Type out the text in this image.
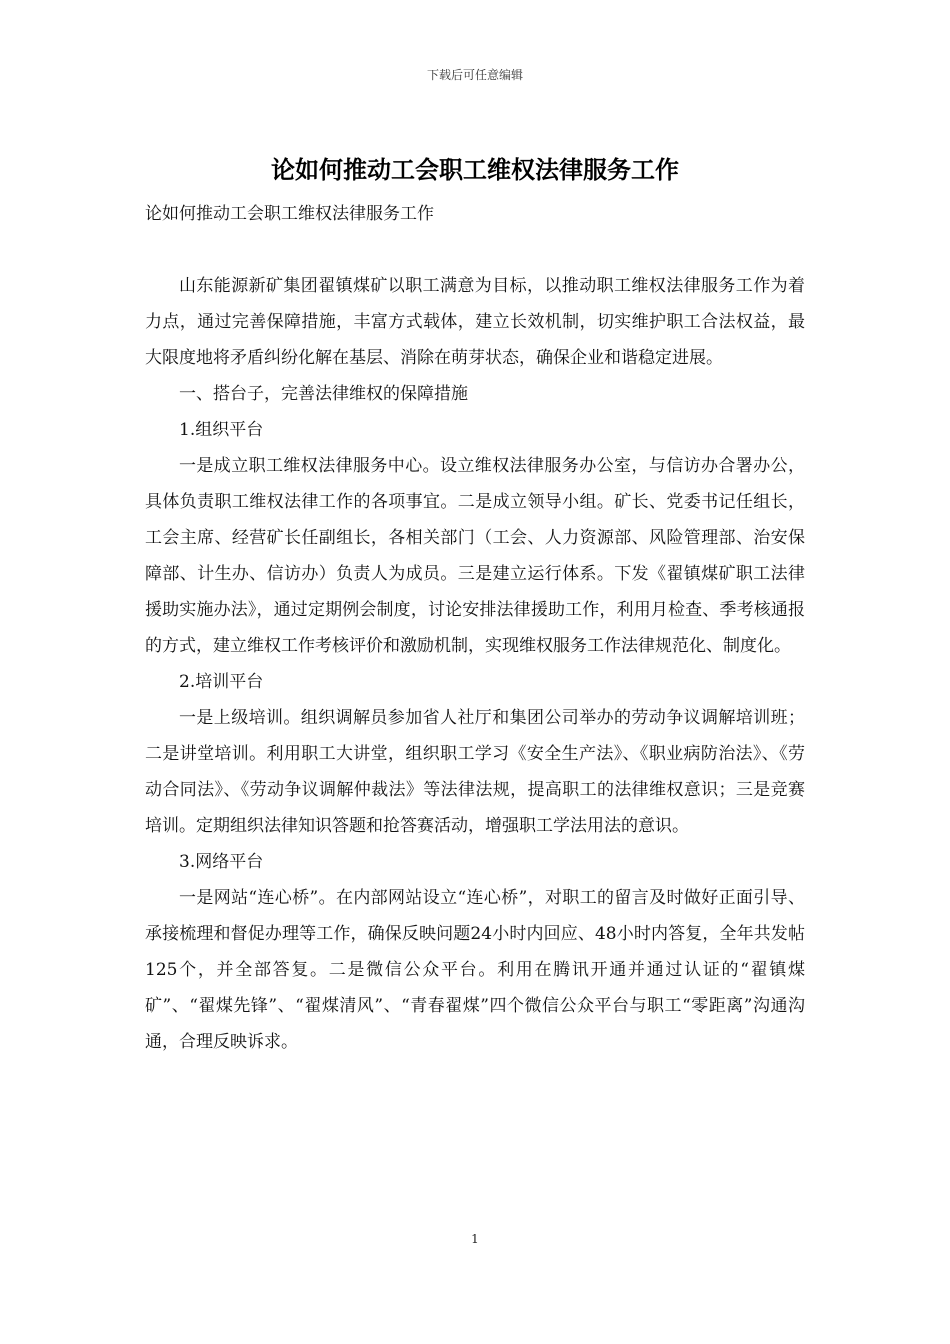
下载后可任意编辑
论如何推动工会职工维权法律服务工作
论如何推动工会职工维权法律服务工作

山东能源新矿集团翟镇煤矿以职工满意为目标，以推动职工维权法律服务工作为着力点，通过完善保障措施，丰富方式载体，建立长效机制，切实维护职工合法权益，最大限度地将矛盾纠纷化解在基层、消除在萌芽状态，确保企业和谐稳定进展。

一、搭台子，完善法律维权的保障措施

1.组织平台

一是成立职工维权法律服务中心。设立维权法律服务办公室，与信访办合署办公，具体负责职工维权法律工作的各项事宜。二是成立领导小组。矿长、党委书记任组长，工会主席、经营矿长任副组长，各相关部门（工会、人力资源部、风险管理部、治安保障部、计生办、信访办）负责人为成员。三是建立运行体系。下发《翟镇煤矿职工法律援助实施办法》，通过定期例会制度，讨论安排法律援助工作，利用月检查、季考核通报的方式，建立维权工作考核评价和激励机制，实现维权服务工作法律规范化、制度化。

2.培训平台

一是上级培训。组织调解员参加省人社厅和集团公司举办的劳动争议调解培训班；二是讲堂培训。利用职工大讲堂，组织职工学习《安全生产法》、《职业病防治法》、《劳动合同法》、《劳动争议调解仲裁法》等法律法规，提高职工的法律维权意识；三是竞赛培训。定期组织法律知识答题和抢答赛活动，增强职工学法用法的意识。

3.网络平台

一是网站“连心桥”。在内部网站设立“连心桥”，对职工的留言及时做好正面引导、承接梳理和督促办理等工作，确保反映问题24小时内回应、48小时内答复，全年共发帖125个，并全部答复。二是微信公众平台。利用在腾讯开通并通过认证的“翟镇煤矿”、“翟煤先锋”、“翟煤清风”、“青春翟煤”四个微信公众平台与职工“零距离”沟通沟通，合理反映诉求。

1
